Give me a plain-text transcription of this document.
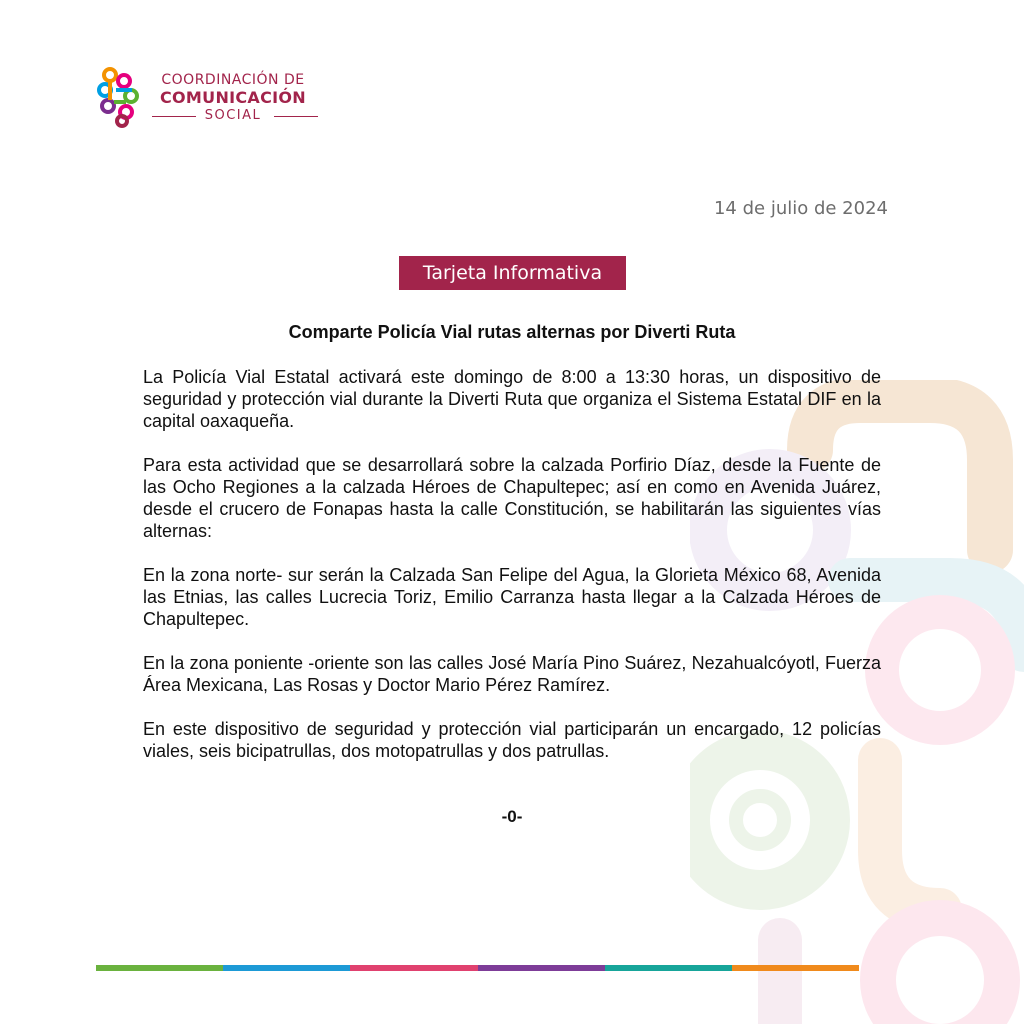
COORDINACIÓN DE
COMUNICACIÓN
SOCIAL
14 de julio de 2024
Tarjeta Informativa
Comparte Policía Vial rutas alternas por Diverti Ruta

La Policía Vial Estatal activará este domingo de 8:00 a 13:30 horas, un dispositivo de seguridad y protección vial durante la Diverti Ruta que organiza el Sistema Estatal DIF en la capital oaxaqueña.

Para esta actividad que se desarrollará sobre la calzada Porfirio Díaz, desde la Fuente de las Ocho Regiones a la calzada Héroes de Chapultepec; así en como en Avenida Juárez, desde el crucero de Fonapas hasta la calle Constitución, se habilitarán las siguientes vías alternas:

En la zona norte- sur serán la Calzada San Felipe del Agua, la Glorieta México 68, Avenida las Etnias, las calles Lucrecia Toriz, Emilio Carranza hasta llegar a la Calzada Héroes de Chapultepec.

En la zona poniente -oriente son las calles José María Pino Suárez, Nezahualcóyotl, Fuerza Área Mexicana, Las Rosas y Doctor Mario Pérez Ramírez.

En este dispositivo de seguridad y protección vial participarán un encargado, 12 policías viales, seis bicipatrullas, dos motopatrullas y dos patrullas.

-0-
